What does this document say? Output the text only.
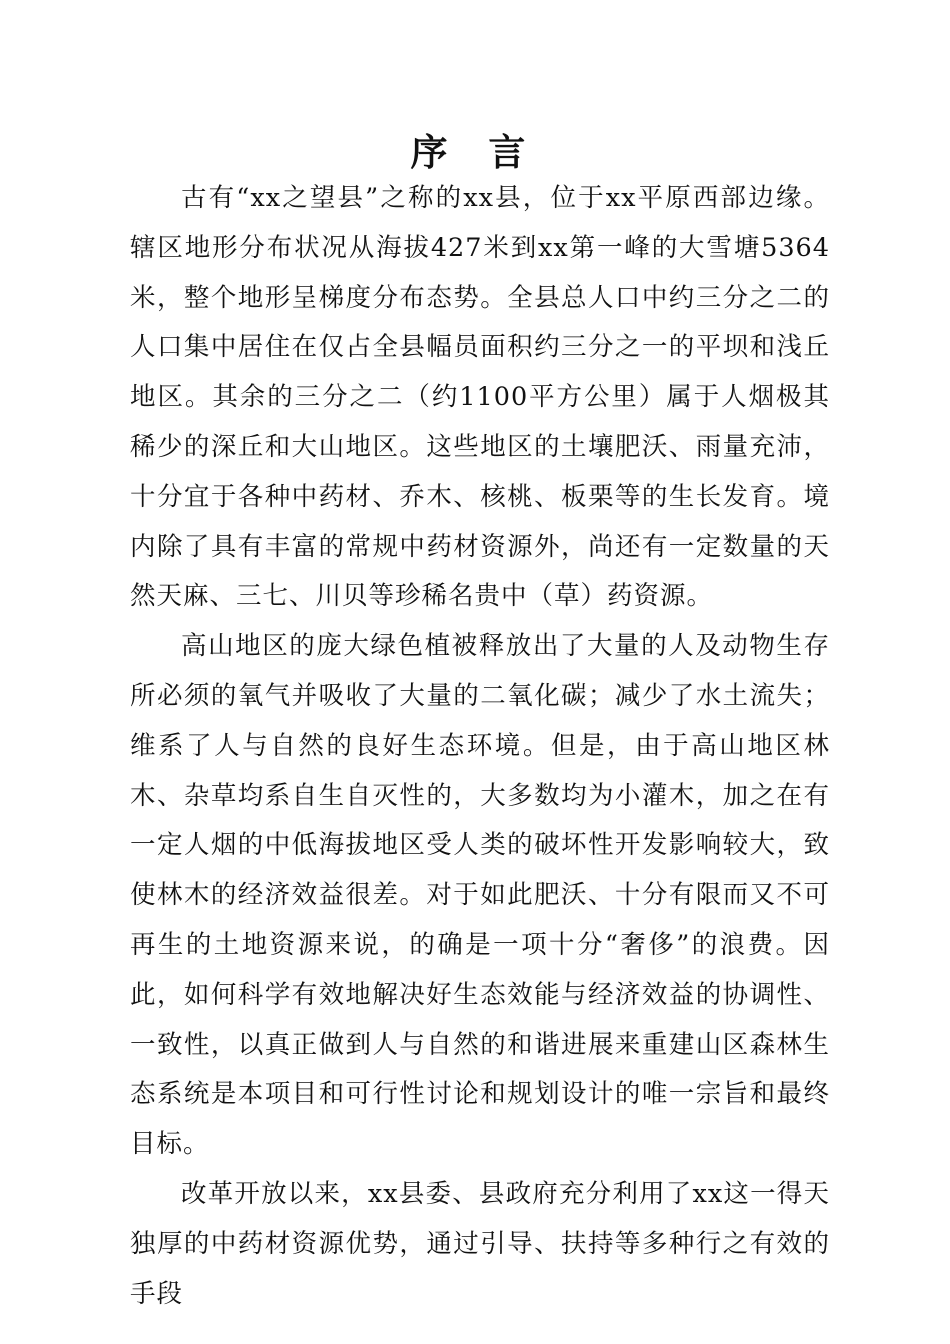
序 言

古有“xx之望县”之称的xx县，位于xx平原西部边缘。辖区地形分布状况从海拔427米到xx第一峰的大雪塘5364米，整个地形呈梯度分布态势。全县总人口中约三分之二的人口集中居住在仅占全县幅员面积约三分之一的平坝和浅丘地区。其余的三分之二（约1100平方公里）属于人烟极其稀少的深丘和大山地区。这些地区的土壤肥沃、雨量充沛，十分宜于各种中药材、乔木、核桃、板栗等的生长发育。境内除了具有丰富的常规中药材资源外，尚还有一定数量的天然天麻、三七、川贝等珍稀名贵中（草）药资源。

高山地区的庞大绿色植被释放出了大量的人及动物生存所必须的氧气并吸收了大量的二氧化碳；减少了水土流失；维系了人与自然的良好生态环境。但是，由于高山地区林木、杂草均系自生自灭性的，大多数均为小灌木，加之在有一定人烟的中低海拔地区受人类的破坏性开发影响较大，致使林木的经济效益很差。对于如此肥沃、十分有限而又不可再生的土地资源来说，的确是一项十分“奢侈”的浪费。因此，如何科学有效地解决好生态效能与经济效益的协调性、一致性，以真正做到人与自然的和谐进展来重建山区森林生态系统是本项目和可行性讨论和规划设计的唯一宗旨和最终目标。

改革开放以来，xx县委、县政府充分利用了xx这一得天独厚的中药材资源优势，通过引导、扶持等多种行之有效的手段
